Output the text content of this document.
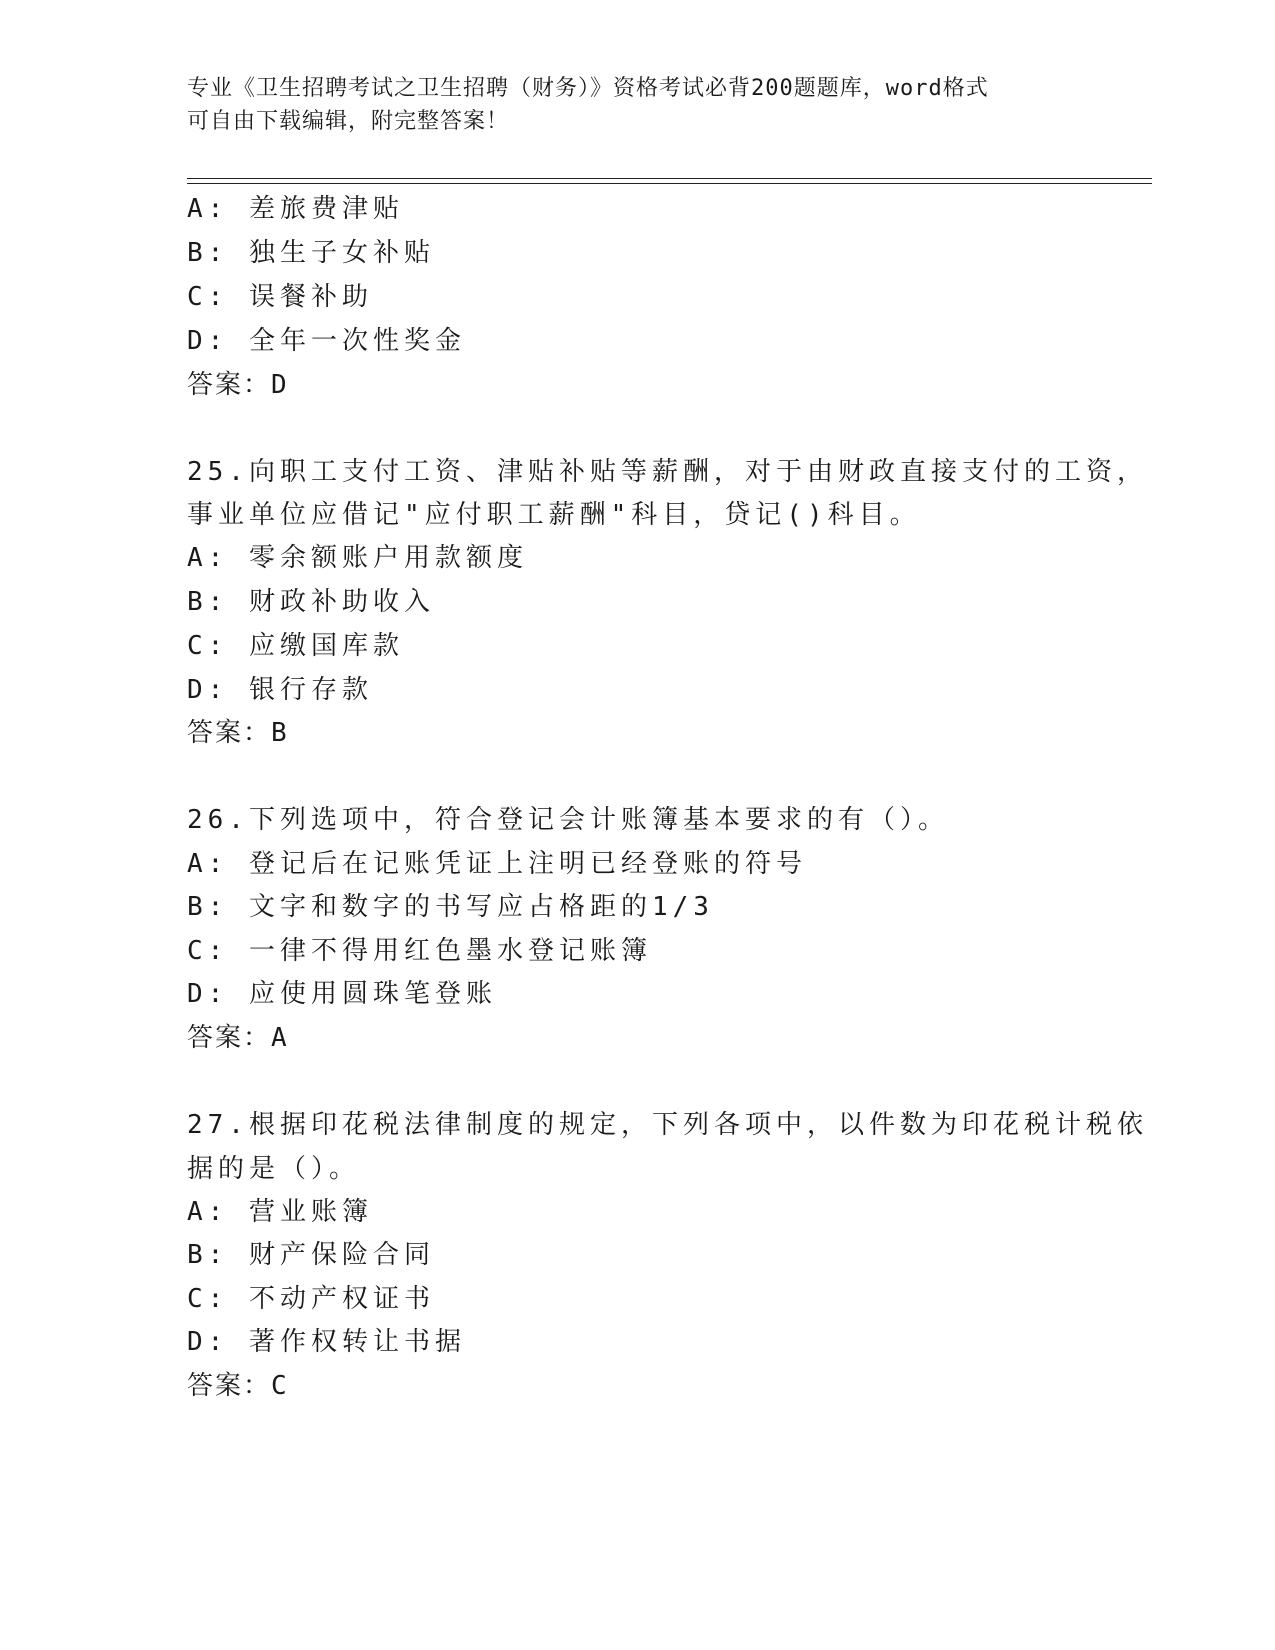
专业《卫生招聘考试之卫生招聘（财务）》资格考试必背200题题库，word格式
可自由下载编辑，附完整答案！
A: 差旅费津贴
B: 独生子女补贴
C: 误餐补助
D: 全年一次性奖金
答案：D
25.向职工支付工资、津贴补贴等薪酬，对于由财政直接支付的工资，
事业单位应借记"应付职工薪酬"科目，贷记()科目。
A: 零余额账户用款额度
B: 财政补助收入
C: 应缴国库款
D: 银行存款
答案：B
26.下列选项中，符合登记会计账簿基本要求的有（）。
A: 登记后在记账凭证上注明已经登账的符号
B: 文字和数字的书写应占格距的1/3
C: 一律不得用红色墨水登记账簿
D: 应使用圆珠笔登账
答案：A
27.根据印花税法律制度的规定，下列各项中，以件数为印花税计税依
据的是（）。
A: 营业账簿
B: 财产保险合同
C: 不动产权证书
D: 著作权转让书据
答案：C
